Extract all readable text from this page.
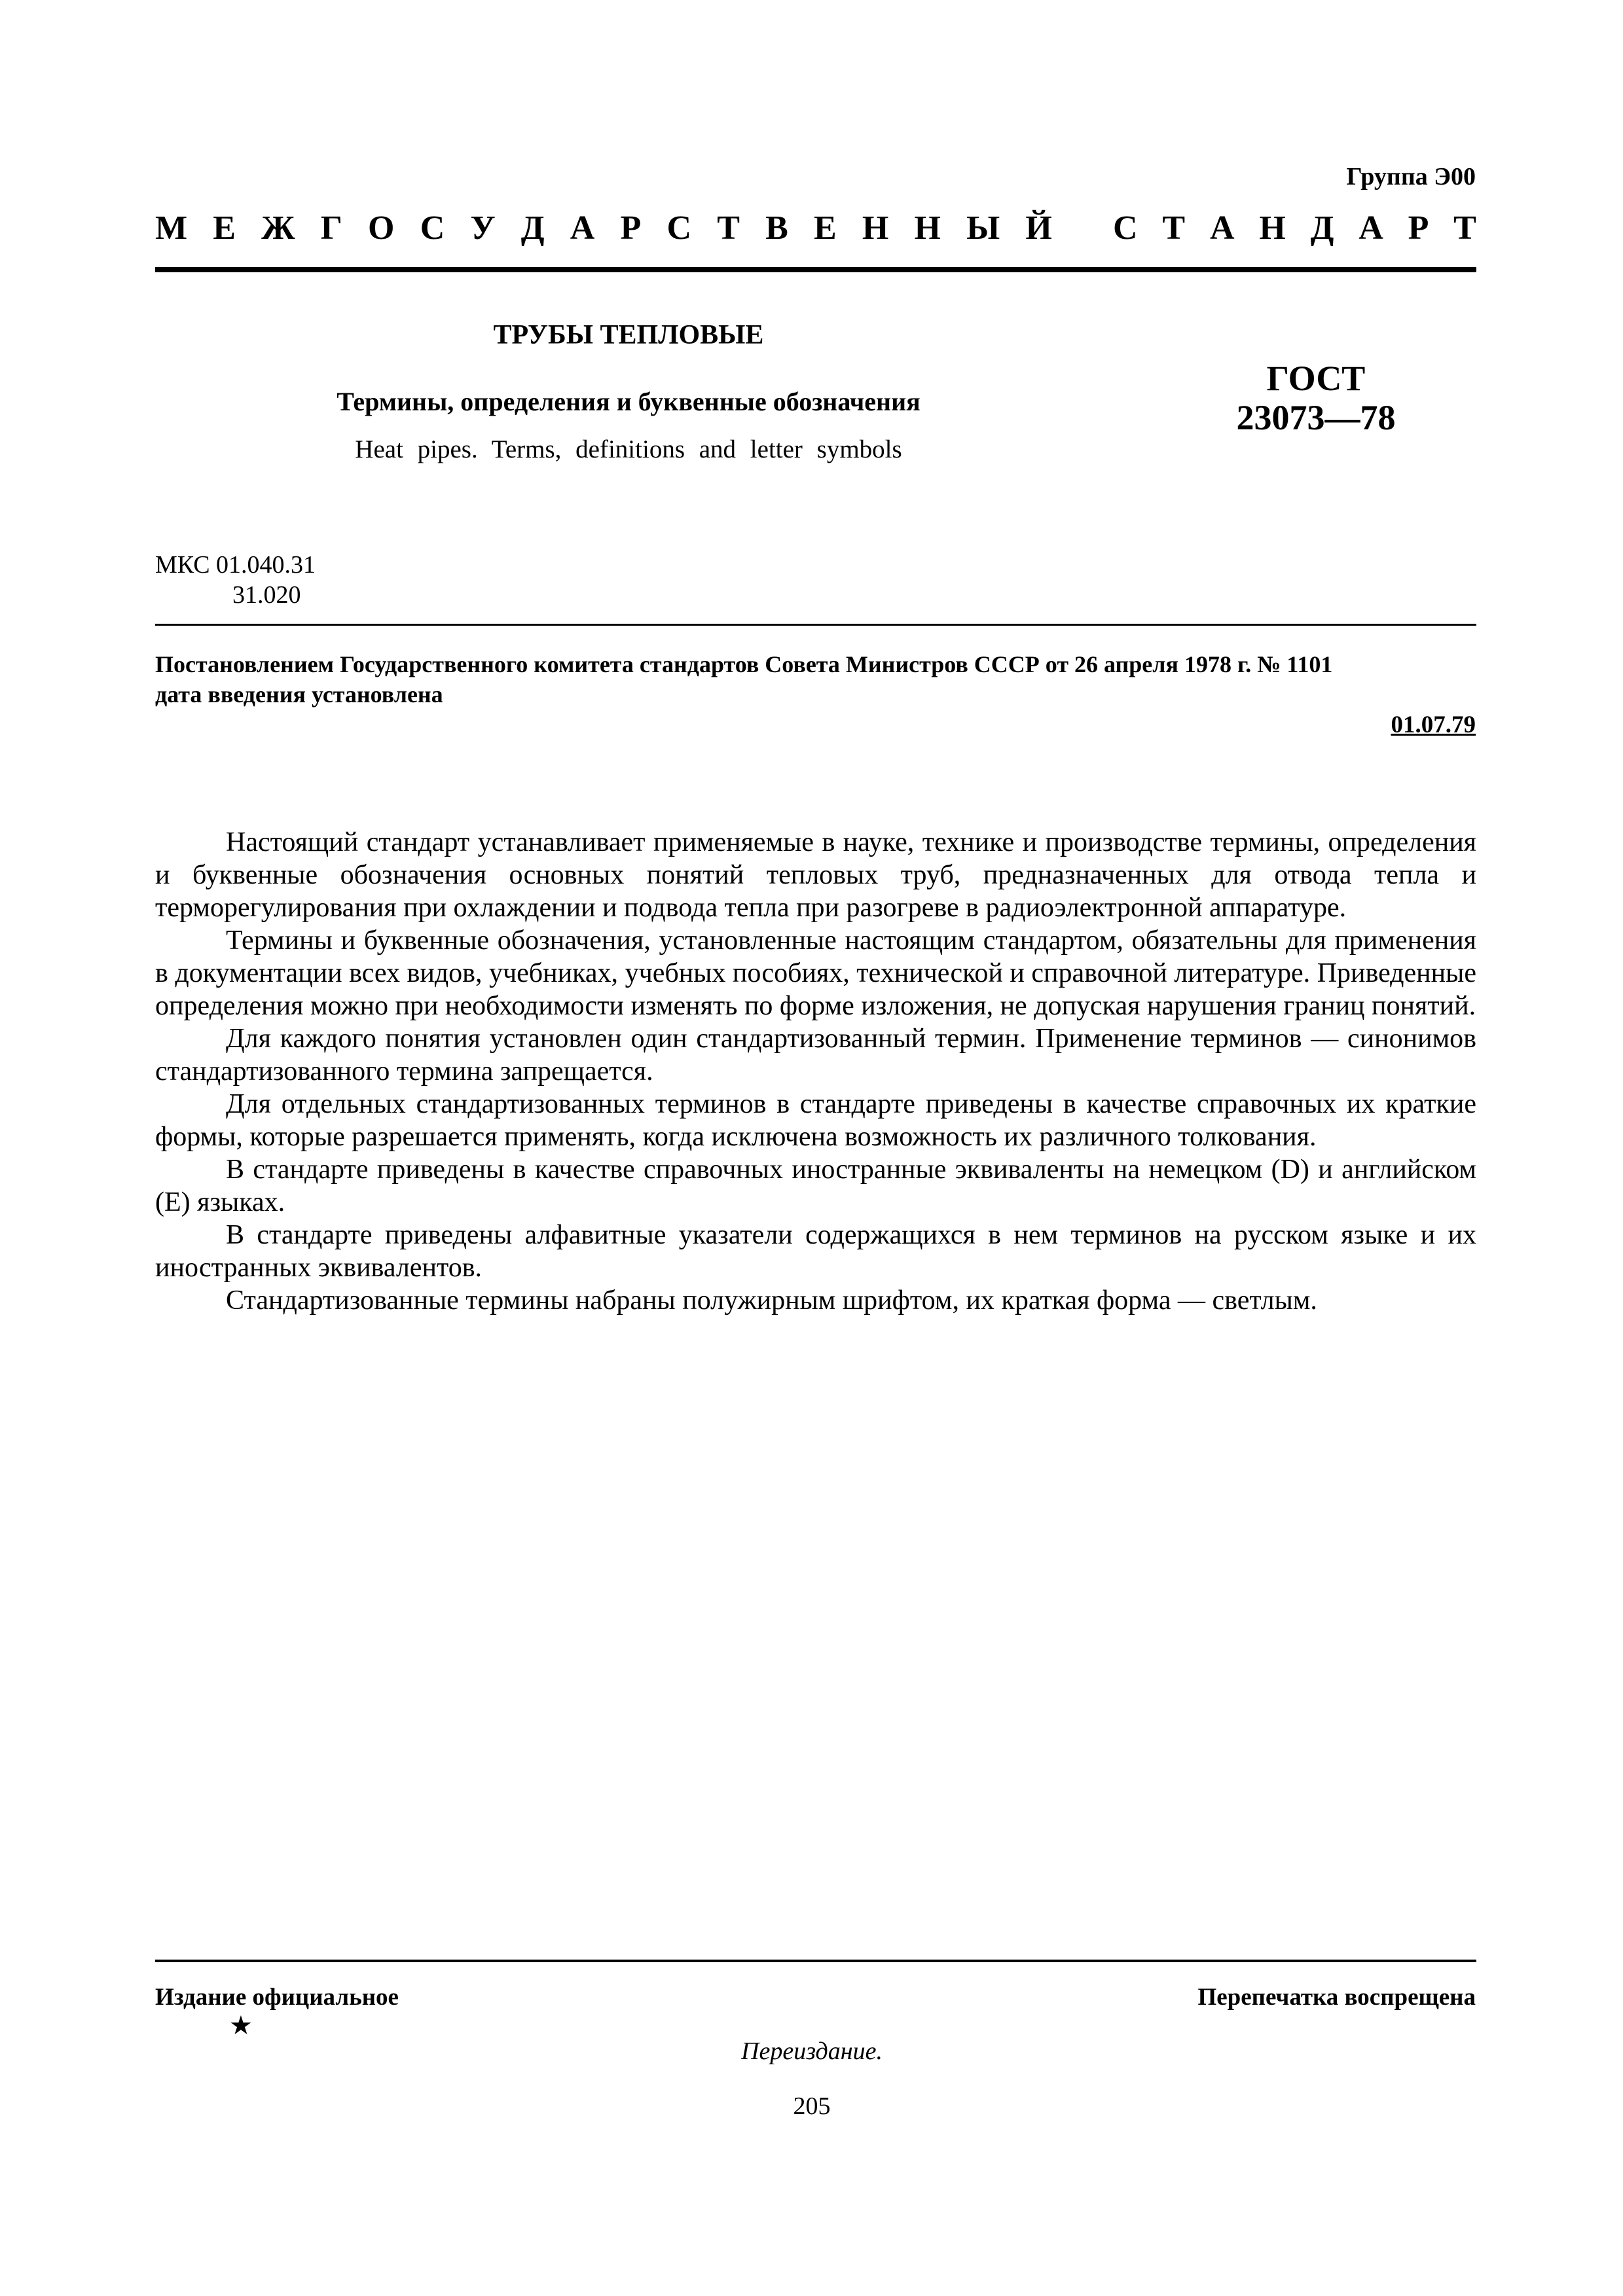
Группа Э00
М Е Ж Г О С У Д А Р С Т В Е Н Н Ы Й С Т А Н Д А Р Т
ТРУБЫ ТЕПЛОВЫЕ
Термины, определения и буквенные обозначения
Heat pipes. Terms, definitions and letter symbols
ГОСТ
23073—78
МКС 01.040.31
31.020
Постановлением Государственного комитета стандартов Совета Министров СССР от 26 апреля 1978 г. № 1101
дата введения установлена
01.07.79

Настоящий стандарт устанавливает применяемые в науке, технике и производстве термины, определения и буквенные обозначения основных понятий тепловых труб, предназначенных для отвода тепла и терморегулирования при охлаждении и подвода тепла при разогреве в радиоэлектронной аппаратуре.

Термины и буквенные обозначения, установленные настоящим стандартом, обязательны для применения в документации всех видов, учебниках, учебных пособиях, технической и справочной литературе. Приведенные определения можно при необходимости изменять по форме изложения, не допуская нарушения границ понятий.

Для каждого понятия установлен один стандартизованный термин. Применение терминов — синонимов стандартизованного термина запрещается.

Для отдельных стандартизованных терминов в стандарте приведены в качестве справочных их краткие формы, которые разрешается применять, когда исключена возможность их различного толкования.

В стандарте приведены в качестве справочных иностранные эквиваленты на немецком (D) и английском (E) языках.

В стандарте приведены алфавитные указатели содержащихся в нем терминов на русском языке и их иностранных эквивалентов.

Стандартизованные термины набраны полужирным шрифтом, их краткая форма — светлым.

Издание официальное	Перепечатка воспрещена
★
Переиздание.
205
